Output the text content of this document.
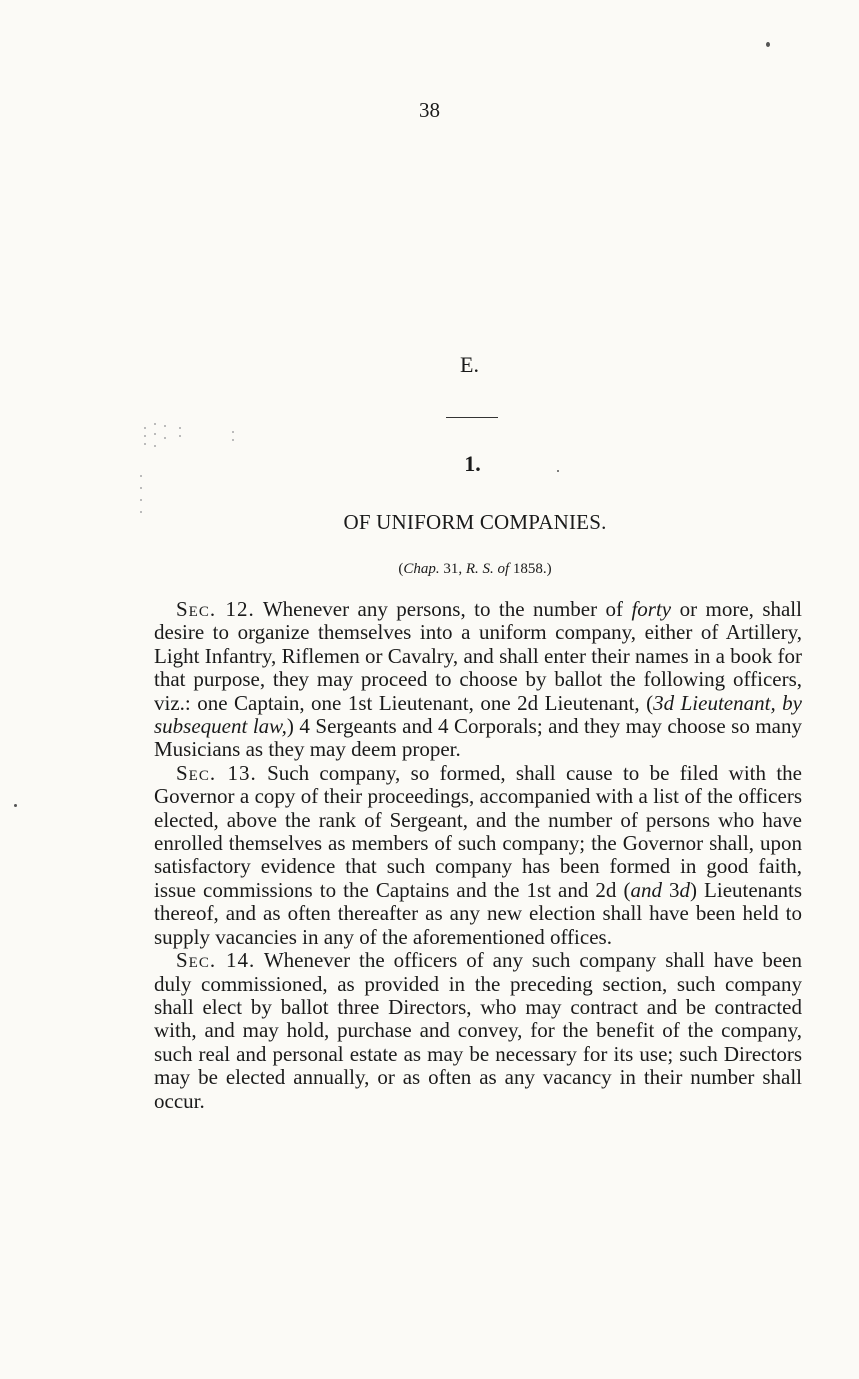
38
E.
1.
OF UNIFORM COMPANIES.
(Chap. 31, R. S. of 1858.)

Sec. 12. Whenever any persons, to the number of forty or more, shall desire to organize themselves into a uniform company, either of Artillery, Light Infantry, Riflemen or Cavalry, and shall enter their names in a book for that purpose, they may proceed to choose by ballot the following officers, viz.: one Captain, one 1st Lieutenant, one 2d Lieutenant, (3d Lieutenant, by subsequent law,) 4 Sergeants and 4 Corporals; and they may choose so many Musicians as they may deem proper.

Sec. 13. Such company, so formed, shall cause to be filed with the Governor a copy of their proceedings, accompanied with a list of the officers elected, above the rank of Sergeant, and the number of persons who have enrolled themselves as members of such company; the Governor shall, upon satisfactory evidence that such company has been formed in good faith, issue commissions to the Captains and the 1st and 2d (and 3d) Lieutenants thereof, and as often thereafter as any new election shall have been held to supply vacancies in any of the aforementioned offices.

Sec. 14. Whenever the officers of any such company shall have been duly commissioned, as provided in the preceding section, such company shall elect by ballot three Directors, who may contract and be contracted with, and may hold, purchase and convey, for the benefit of the company, such real and personal estate as may be necessary for its use; such Directors may be elected annually, or as often as any vacancy in their number shall occur.
